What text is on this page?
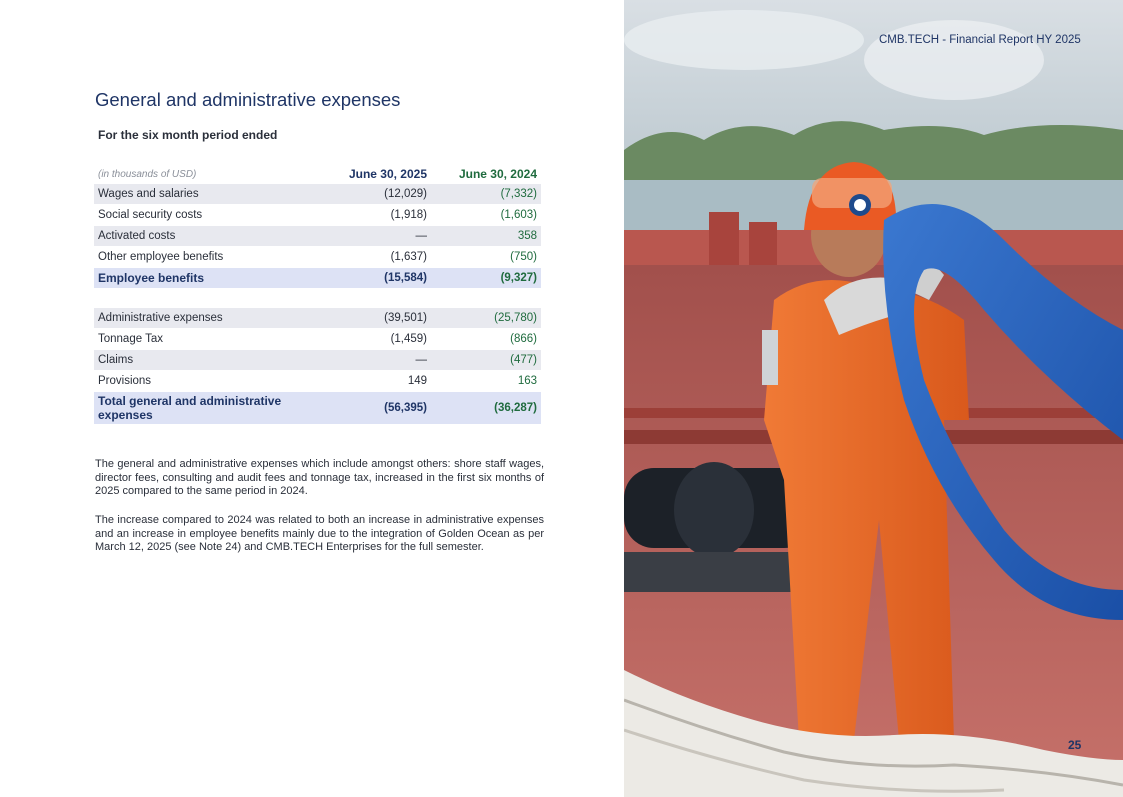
General and administrative expenses
For the six month period ended
(in thousands of USD)	June 30, 2025	June 30, 2024
Wages and salaries	(12,029)	(7,332)
Social security costs	(1,918)	(1,603)
Activated costs	—	358
Other employee benefits	(1,637)	(750)
Employee benefits	(15,584)	(9,327)

Administrative expenses	(39,501)	(25,780)
Tonnage Tax	(1,459)	(866)
Claims	—	(477)
Provisions	149	163
Total general and administrative expenses	(56,395)	(36,287)
The general and administrative expenses which include amongst others: shore staff wages, director fees, consulting and audit fees and tonnage tax, increased in the first six months of 2025 compared to the same period in 2024.
The increase compared to 2024 was related to both an increase in administrative expenses and an increase in employee benefits mainly due to the integration of Golden Ocean as per March 12, 2025 (see Note 24) and CMB.TECH Enterprises for the full semester.
CMB.TECH - Financial Report HY 2025
25
